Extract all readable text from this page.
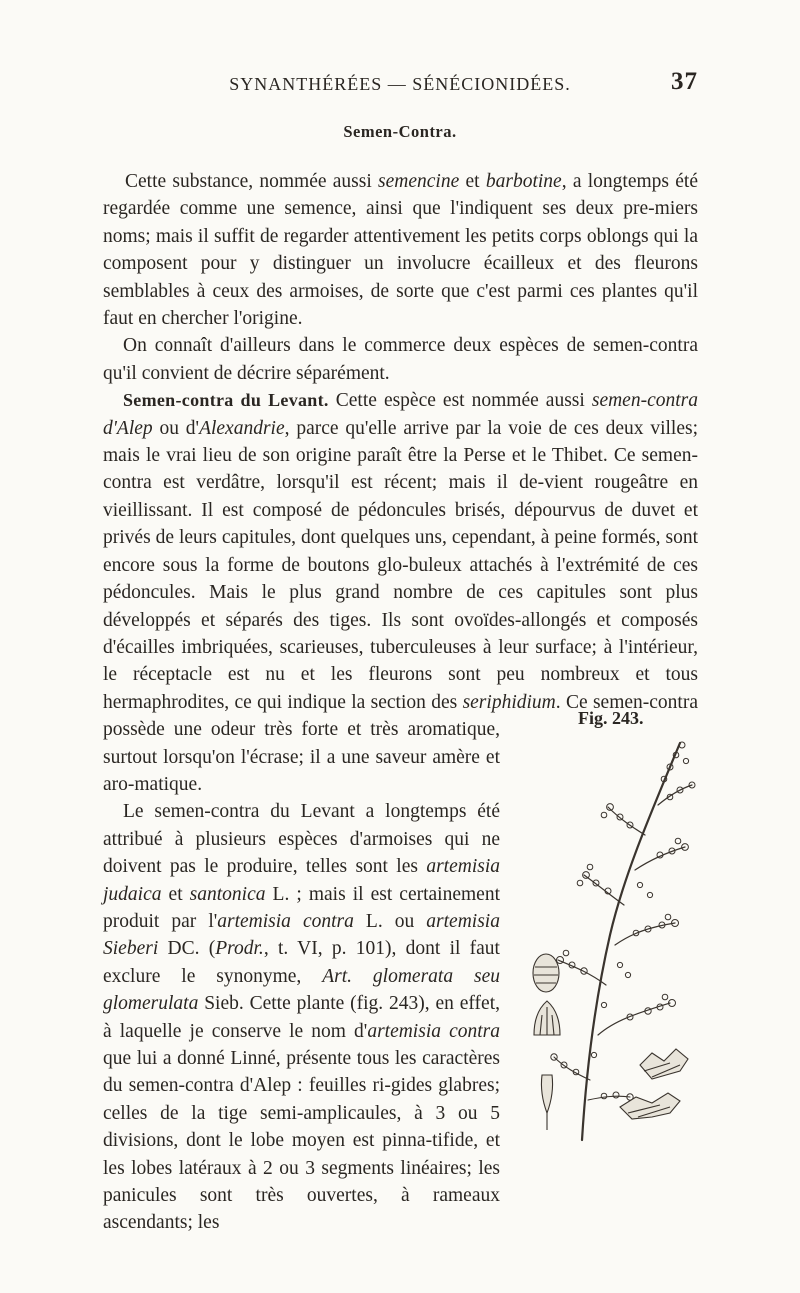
SYNANTHÉRÉES — SÉNÉCIONIDÉES.	37
Semen-Contra.

Cette substance, nommée aussi semencine et barbotine, a longtemps été regardée comme une semence, ainsi que l'indiquent ses deux pre-miers noms; mais il suffit de regarder attentivement les petits corps oblongs qui la composent pour y distinguer un involucre écailleux et des fleurons semblables à ceux des armoises, de sorte que c'est parmi ces plantes qu'il faut en chercher l'origine.

On connaît d'ailleurs dans le commerce deux espèces de semen-contra qu'il convient de décrire séparément.

Semen-contra du Levant. Cette espèce est nommée aussi semen-contra d'Alep ou d'Alexandrie, parce qu'elle arrive par la voie de ces deux villes; mais le vrai lieu de son origine paraît être la Perse et le Thibet. Ce semen-contra est verdâtre, lorsqu'il est récent; mais il de-vient rougeâtre en vieillissant. Il est composé de pédoncules brisés, dépourvus de duvet et privés de leurs capitules, dont quelques uns, cependant, à peine formés, sont encore sous la forme de boutons glo-buleux attachés à l'extrémité de ces pédoncules. Mais le plus grand nombre de ces capitules sont plus développés et séparés des tiges. Ils sont ovoïdes-allongés et composés d'écailles imbriquées, scarieuses, tuberculeuses à leur surface; à l'intérieur, le réceptacle est nu et les fleurons sont peu nombreux et tous hermaphrodites, ce qui indique la section des seriphidium
. Ce semen-contra possède une odeur très forte et très aromatique, surtout lorsqu'on l'écrase; il a une saveur amère et aro-matique.

Le semen-contra du Levant a longtemps été attribué à plusieurs espèces d'armoises qui ne doivent pas le produire, telles sont les artemisia judaica et santonica L. ; mais il est certainement produit par l'artemisia contra L. ou artemisia Sieberi DC. (Prodr., t. VI, p. 101), dont il faut exclure le synonyme, Art. glomerata seu glomerulata Sieb. Cette plante (fig. 243), en effet, à laquelle je conserve le nom d'artemisia contra que lui a donné Linné, présente tous les caractères du semen-contra d'Alep : feuilles ri-gides glabres; celles de la tige semi-amplicaules, à 3 ou 5 divisions, dont le lobe moyen est pinna-tifide, et les lobes latéraux à 2 ou 3 segments linéaires; les panicules sont très ouvertes, à rameaux ascendants; les

Fig. 243.
